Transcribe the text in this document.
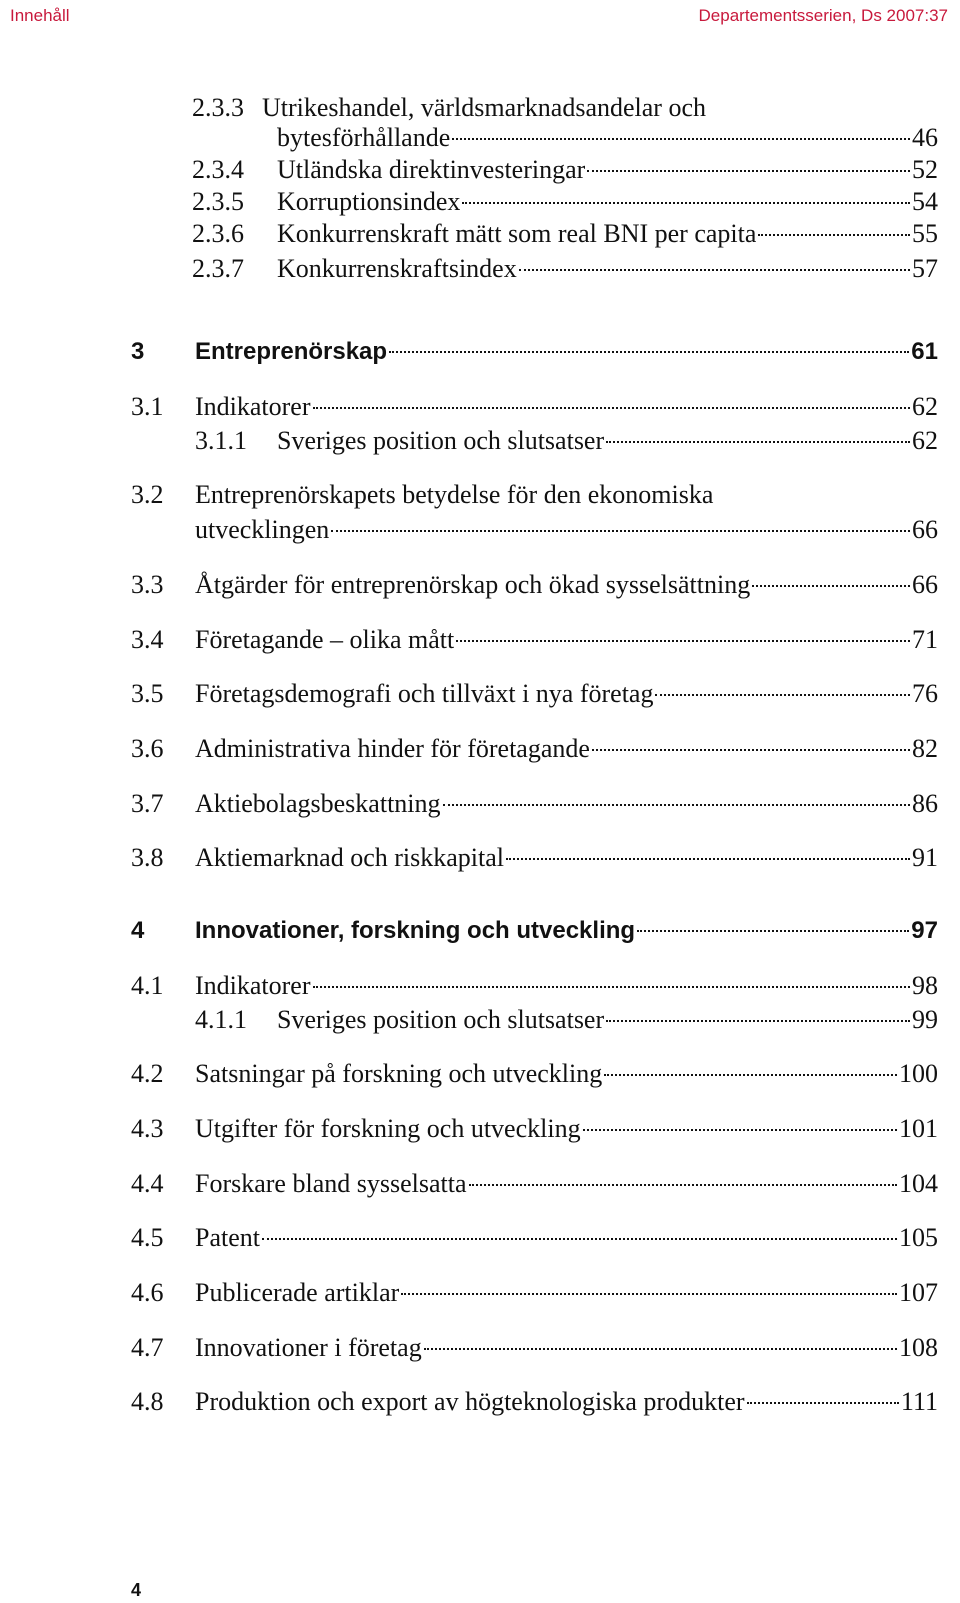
Innehåll	Departementsserien, Ds 2007:37
2.3.3 Utrikeshandel, världsmarknadsandelar och
bytesförhållande	46
2.3.4	Utländska direktinvesteringar	52
2.3.5	Korruptionsindex	54
2.3.6	Konkurrenskraft mätt som real BNI per capita	55
2.3.7	Konkurrenskraftsindex	57
3	Entreprenörskap	61
3.1	Indikatorer	62
3.1.1	Sveriges position och slutsatser	62
3.2 Entreprenörskapets betydelse för den ekonomiska
utvecklingen	66
3.3	Åtgärder för entreprenörskap och ökad sysselsättning	66
3.4	Företagande – olika mått	71
3.5	Företagsdemografi och tillväxt i nya företag	76
3.6	Administrativa hinder för företagande	82
3.7	Aktiebolagsbeskattning	86
3.8	Aktiemarknad och riskkapital	91
4	Innovationer, forskning och utveckling	97
4.1	Indikatorer	98
4.1.1	Sveriges position och slutsatser	99
4.2	Satsningar på forskning och utveckling	100
4.3	Utgifter för forskning och utveckling	101
4.4	Forskare bland sysselsatta	104
4.5	Patent	105
4.6	Publicerade artiklar	107
4.7	Innovationer i företag	108
4.8	Produktion och export av högteknologiska produkter	111
4
